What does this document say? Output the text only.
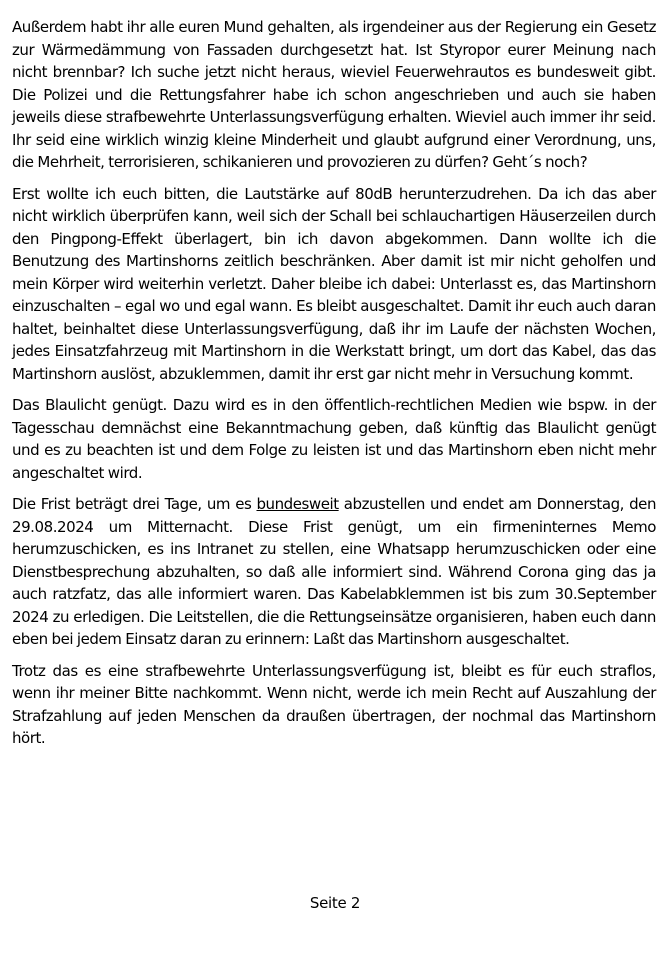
Außerdem habt ihr alle euren Mund gehalten, als irgendeiner aus der Regierung ein Gesetz zur Wärmedämmung von Fassaden durchgesetzt hat. Ist Styropor eurer Meinung nach nicht brennbar? Ich suche jetzt nicht heraus, wieviel Feuerwehrautos es bundesweit gibt. Die Polizei und die Rettungsfahrer habe ich schon angeschrieben und auch sie haben jeweils diese strafbewehrte Unterlassungsverfügung erhalten. Wieviel auch immer ihr seid. Ihr seid eine wirklich winzig kleine Minderheit und glaubt aufgrund einer Verordnung, uns, die Mehrheit, terrorisieren, schikanieren und provozieren zu dürfen? Geht´s noch?

Erst wollte ich euch bitten, die Lautstärke auf 80dB herunterzudrehen. Da ich das aber nicht wirklich überprüfen kann, weil sich der Schall bei schlauchartigen Häuserzeilen durch den Pingpong-Effekt überlagert, bin ich davon abgekommen. Dann wollte ich die Benutzung des Martinshorns zeitlich beschränken. Aber damit ist mir nicht geholfen und mein Körper wird weiterhin verletzt. Daher bleibe ich dabei: Unterlasst es, das Martinshorn einzuschalten – egal wo und egal wann. Es bleibt ausgeschaltet. Damit ihr euch auch daran haltet, beinhaltet diese Unterlassungsverfügung, daß ihr im Laufe der nächsten Wochen, jedes Einsatzfahrzeug mit Martinshorn in die Werkstatt bringt, um dort das Kabel, das das Martinshorn auslöst, abzuklemmen, damit ihr erst gar nicht mehr in Versuchung kommt.

Das Blaulicht genügt. Dazu wird es in den öffentlich-rechtlichen Medien wie bspw. in der Tagesschau demnächst eine Bekanntmachung geben, daß künftig das Blaulicht genügt und es zu beachten ist und dem Folge zu leisten ist und das Martinshorn eben nicht mehr angeschaltet wird.

Die Frist beträgt drei Tage, um es bundesweit abzustellen und endet am Donnerstag, den 29.08.2024 um Mitternacht. Diese Frist genügt, um ein firmeninternes Memo herumzuschicken, es ins Intranet zu stellen, eine Whatsapp herumzuschicken oder eine Dienstbesprechung abzuhalten, so daß alle informiert sind. Während Corona ging das ja auch ratzfatz, das alle informiert waren. Das Kabelabklemmen ist bis zum 30.September 2024 zu erledigen. Die Leitstellen, die die Rettungseinsätze organisieren, haben euch dann eben bei jedem Einsatz daran zu erinnern: Laßt das Martinshorn ausgeschaltet.

Trotz das es eine strafbewehrte Unterlassungsverfügung ist, bleibt es für euch straflos, wenn ihr meiner Bitte nachkommt. Wenn nicht, werde ich mein Recht auf Auszahlung der Strafzahlung auf jeden Menschen da draußen übertragen, der nochmal das Martinshorn hört.

Seite 2
